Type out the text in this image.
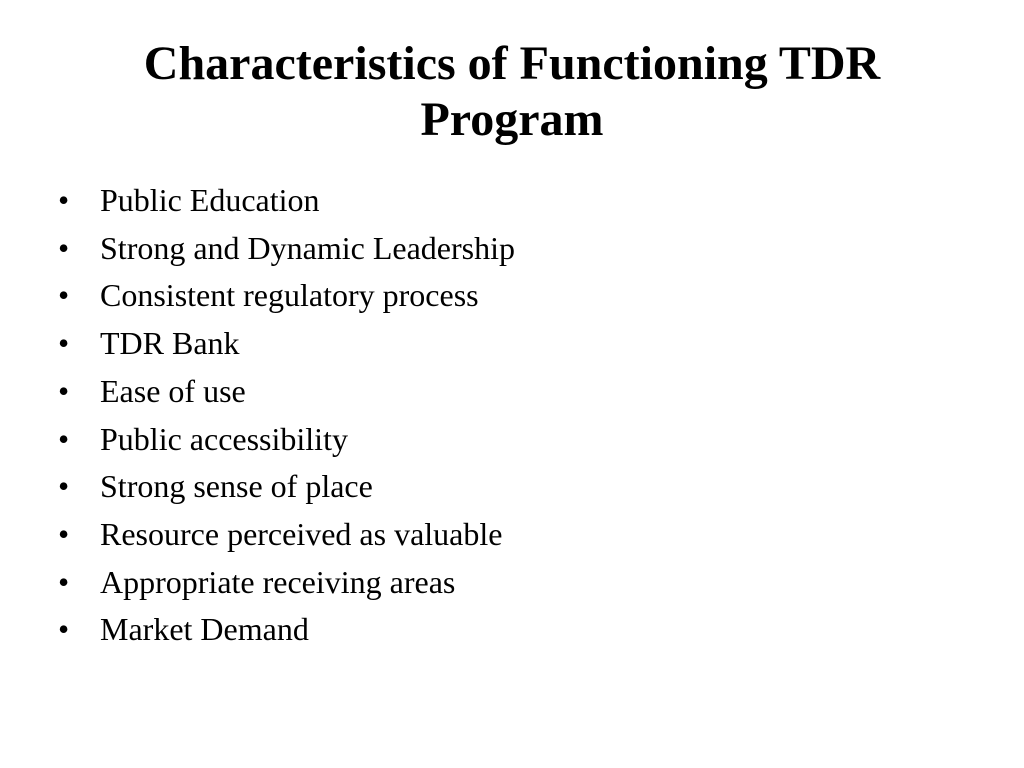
Characteristics of Functioning TDR
Program
• Public Education
• Strong and Dynamic Leadership
• Consistent regulatory process
• TDR Bank
• Ease of use
• Public accessibility
• Strong sense of place
• Resource perceived as valuable
• Appropriate receiving areas
• Market Demand
